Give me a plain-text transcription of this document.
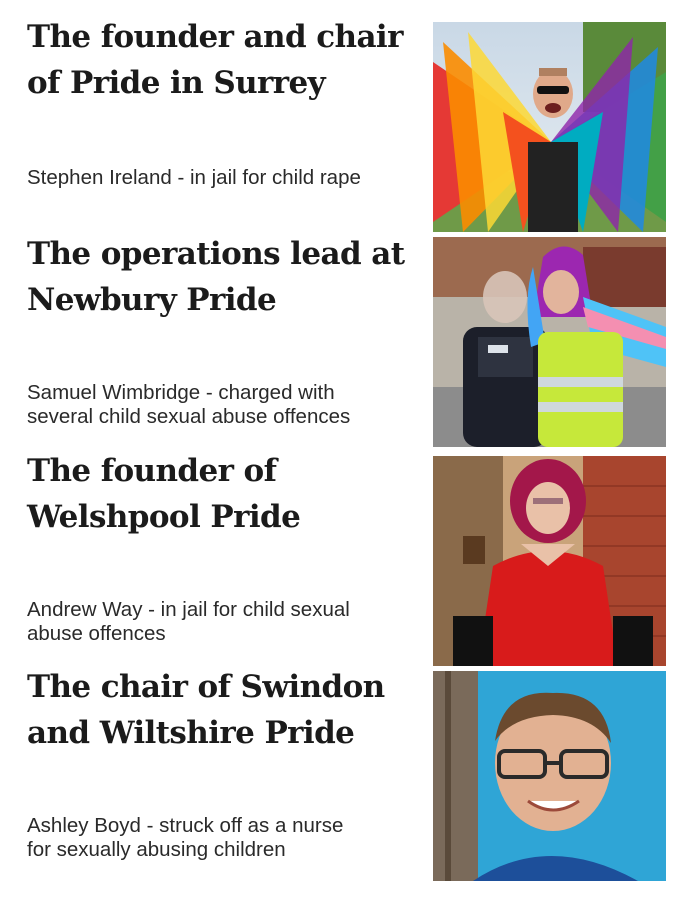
The founder and chair
of Pride in Surrey

Stephen Ireland - in jail for child rape

The operations lead at
Newbury Pride

Samuel Wimbridge - charged with
several child sexual abuse offences

The founder of
Welshpool Pride

Andrew Way - in jail for child sexual
abuse offences

The chair of Swindon
and Wiltshire Pride

Ashley Boyd - struck off as a nurse
for sexually abusing children
